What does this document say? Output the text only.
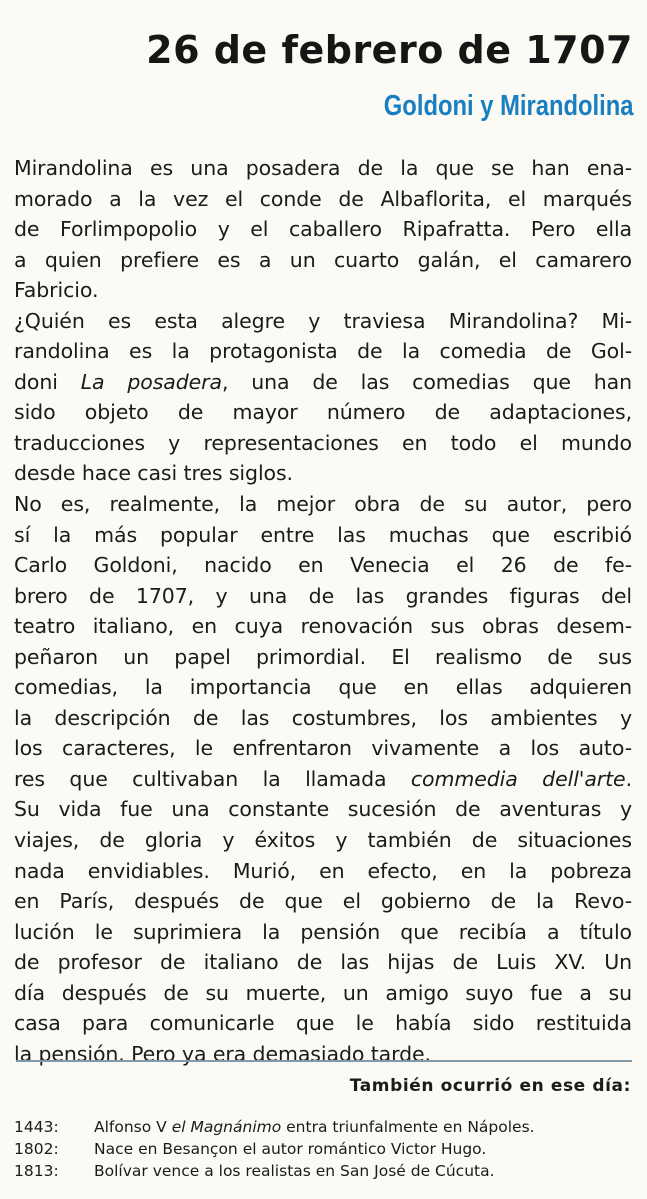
26 de febrero de 1707
Goldoni y Mirandolina
Mirandolina es una posadera de la que se han ena-
morado a la vez el conde de Albaflorita, el marqués
de Forlimpopolio y el caballero Ripafratta. Pero ella
a quien prefiere es a un cuarto galán, el camarero
Fabricio.
¿Quién es esta alegre y traviesa Mirandolina? Mi-
randolina es la protagonista de la comedia de Gol-
doni La posadera, una de las comedias que han
sido objeto de mayor número de adaptaciones,
traducciones y representaciones en todo el mundo
desde hace casi tres siglos.
No es, realmente, la mejor obra de su autor, pero
sí la más popular entre las muchas que escribió
Carlo Goldoni, nacido en Venecia el 26 de fe-
brero de 1707, y una de las grandes figuras del
teatro italiano, en cuya renovación sus obras desem-
peñaron un papel primordial. El realismo de sus
comedias, la importancia que en ellas adquieren
la descripción de las costumbres, los ambientes y
los caracteres, le enfrentaron vivamente a los auto-
res que cultivaban la llamada commedia dell'arte.
Su vida fue una constante sucesión de aventuras y
viajes, de gloria y éxitos y también de situaciones
nada envidiables. Murió, en efecto, en la pobreza
en París, después de que el gobierno de la Revo-
lución le suprimiera la pensión que recibía a título
de profesor de italiano de las hijas de Luis XV. Un
día después de su muerte, un amigo suyo fue a su
casa para comunicarle que le había sido restituida
la pensión. Pero ya era demasiado tarde.
También ocurrió en ese día:
1443: Alfonso V el Magnánimo entra triunfalmente en Nápoles.
1802: Nace en Besançon el autor romántico Victor Hugo.
1813: Bolívar vence a los realistas en San José de Cúcuta.
